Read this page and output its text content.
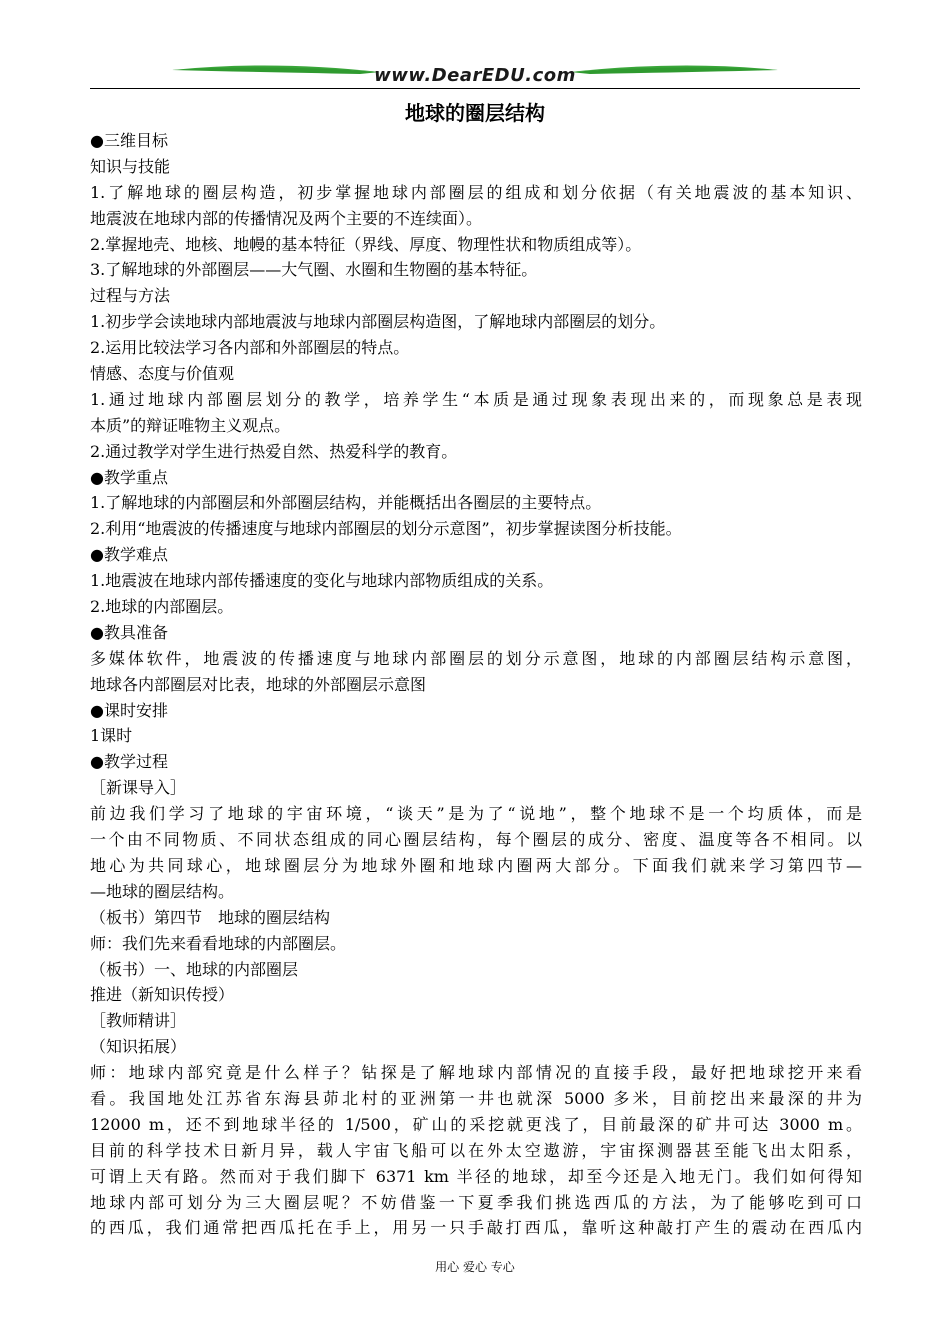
www.DearEDU.com
地球的圈层结构
●三维目标
知识与技能
1.了解地球的圈层构造，初步掌握地球内部圈层的组成和划分依据（有关地震波的基本知识、
地震波在地球内部的传播情况及两个主要的不连续面）。
2.掌握地壳、地核、地幔的基本特征（界线、厚度、物理性状和物质组成等）。
3.了解地球的外部圈层——大气圈、水圈和生物圈的基本特征。
过程与方法
1.初步学会读地球内部地震波与地球内部圈层构造图，了解地球内部圈层的划分。
2.运用比较法学习各内部和外部圈层的特点。
情感、态度与价值观
1.通过地球内部圈层划分的教学，培养学生“本质是通过现象表现出来的，而现象总是表现
本质”的辩证唯物主义观点。
2.通过教学对学生进行热爱自然、热爱科学的教育。
●教学重点
1.了解地球的内部圈层和外部圈层结构，并能概括出各圈层的主要特点。
2.利用“地震波的传播速度与地球内部圈层的划分示意图”，初步掌握读图分析技能。
●教学难点
1.地震波在地球内部传播速度的变化与地球内部物质组成的关系。
2.地球的内部圈层。
●教具准备
多媒体软件，地震波的传播速度与地球内部圈层的划分示意图，地球的内部圈层结构示意图，
地球各内部圈层对比表，地球的外部圈层示意图
●课时安排
1课时
●教学过程
［新课导入］
前边我们学习了地球的宇宙环境，“谈天”是为了“说地”，整个地球不是一个均质体，而是
一个由不同物质、不同状态组成的同心圈层结构，每个圈层的成分、密度、温度等各不相同。以
地心为共同球心，地球圈层分为地球外圈和地球内圈两大部分。下面我们就来学习第四节—
—地球的圈层结构。
（板书）第四节　地球的圈层结构
师：我们先来看看地球的内部圈层。
（板书）一、地球的内部圈层
推进（新知识传授）
［教师精讲］
（知识拓展）
师：地球内部究竟是什么样子？钻探是了解地球内部情况的直接手段，最好把地球挖开来看
看。我国地处江苏省东海县茆北村的亚洲第一井也就深 5000 多米，目前挖出来最深的井为
12000 m，还不到地球半径的 1/500，矿山的采挖就更浅了，目前最深的矿井可达 3000 m。
目前的科学技术日新月异，载人宇宙飞船可以在外太空遨游，宇宙探测器甚至能飞出太阳系，
可谓上天有路。然而对于我们脚下 6371 km 半径的地球，却至今还是入地无门。我们如何得知
地球内部可划分为三大圈层呢？不妨借鉴一下夏季我们挑选西瓜的方法，为了能够吃到可口
的西瓜，我们通常把西瓜托在手上，用另一只手敲打西瓜，靠听这种敲打产生的震动在西瓜内
用心 爱心 专心
